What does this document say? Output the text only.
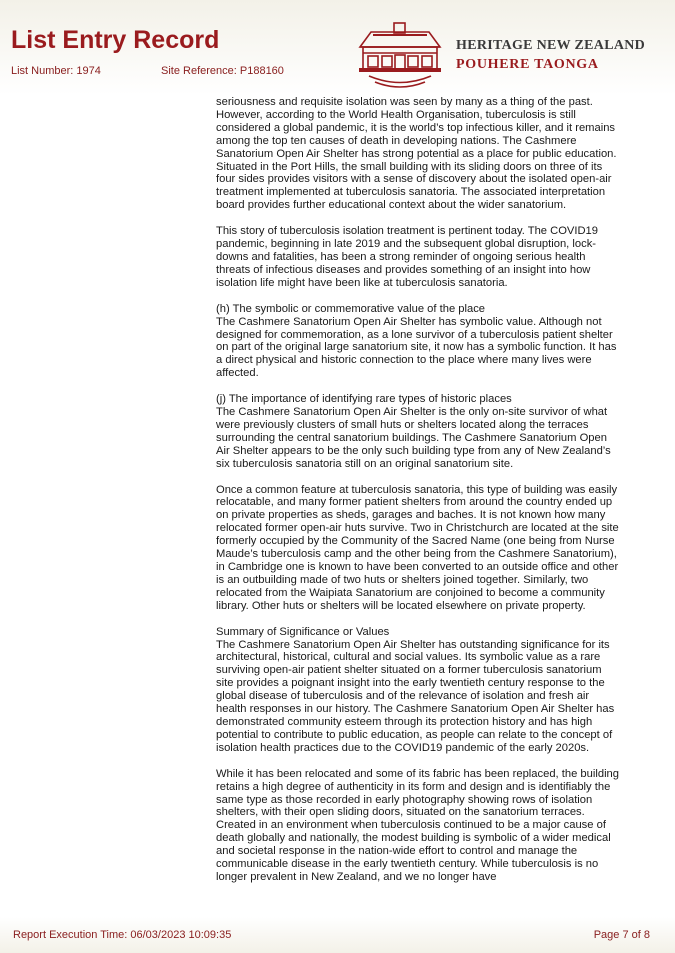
List Entry Record
List Number: 1974	Site Reference: P188160
HERITAGE NEW ZEALAND
POUHERE TAONGA

seriousness and requisite isolation was seen by many as a thing of the past. However, according to the World Health Organisation, tuberculosis is still considered a global pandemic, it is the world’s top infectious killer, and it remains among the top ten causes of death in developing nations. The Cashmere Sanatorium Open Air Shelter has strong potential as a place for public education. Situated in the Port Hills, the small building with its sliding doors on three of its four sides provides visitors with a sense of discovery about the isolated open-air treatment implemented at tuberculosis sanatoria. The associated interpretation board provides further educational context about the wider sanatorium.

This story of tuberculosis isolation treatment is pertinent today. The COVID19 pandemic, beginning in late 2019 and the subsequent global disruption, lock-downs and fatalities, has been a strong reminder of ongoing serious health threats of infectious diseases and provides something of an insight into how isolation life might have been like at tuberculosis sanatoria.

(h) The symbolic or commemorative value of the place
The Cashmere Sanatorium Open Air Shelter has symbolic value. Although not designed for commemoration, as a lone survivor of a tuberculosis patient shelter on part of the original large sanatorium site, it now has a symbolic function. It has a direct physical and historic connection to the place where many lives were affected.

(j) The importance of identifying rare types of historic places
The Cashmere Sanatorium Open Air Shelter is the only on-site survivor of what were previously clusters of small huts or shelters located along the terraces surrounding the central sanatorium buildings. The Cashmere Sanatorium Open Air Shelter appears to be the only such building type from any of New Zealand’s six tuberculosis sanatoria still on an original sanatorium site.

Once a common feature at tuberculosis sanatoria, this type of building was easily relocatable, and many former patient shelters from around the country ended up on private properties as sheds, garages and baches. It is not known how many relocated former open-air huts survive. Two in Christchurch are located at the site formerly occupied by the Community of the Sacred Name (one being from Nurse Maude’s tuberculosis camp and the other being from the Cashmere Sanatorium), in Cambridge one is known to have been converted to an outside office and other is an outbuilding made of two huts or shelters joined together. Similarly, two relocated from the Waipiata Sanatorium are conjoined to become a community library. Other huts or shelters will be located elsewhere on private property.

Summary of Significance or Values
The Cashmere Sanatorium Open Air Shelter has outstanding significance for its architectural, historical, cultural and social values. Its symbolic value as a rare surviving open-air patient shelter situated on a former tuberculosis sanatorium site provides a poignant insight into the early twentieth century response to the global disease of tuberculosis and of the relevance of isolation and fresh air health responses in our history. The Cashmere Sanatorium Open Air Shelter has demonstrated community esteem through its protection history and has high potential to contribute to public education, as people can relate to the concept of isolation health practices due to the COVID19 pandemic of the early 2020s.

While it has been relocated and some of its fabric has been replaced, the building retains a high degree of authenticity in its form and design and is identifiably the same type as those recorded in early photography showing rows of isolation shelters, with their open sliding doors, situated on the sanatorium terraces. Created in an environment when tuberculosis continued to be a major cause of death globally and nationally, the modest building is symbolic of a wider medical and societal response in the nation-wide effort to control and manage the communicable disease in the early twentieth century. While tuberculosis is no longer prevalent in New Zealand, and we no longer have

Report Execution Time: 06/03/2023 10:09:35	Page 7 of 8
